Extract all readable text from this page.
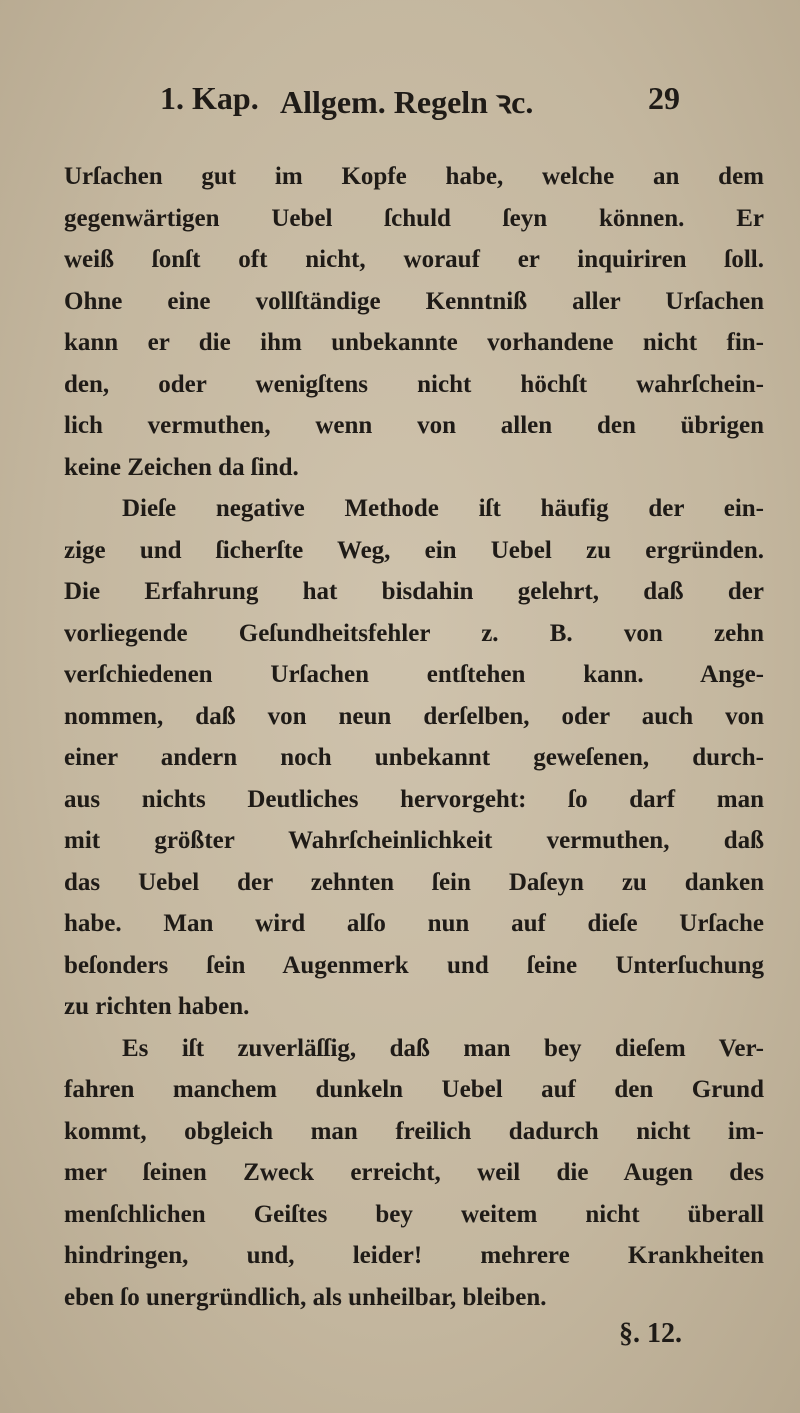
1. Kap. Allgem. Regeln ꝛc.	29
Urſachen gut im Kopfe habe, welche an dem
gegenwärtigen Uebel ſchuld ſeyn können. Er
weiß ſonſt oft nicht, worauf er inquiriren ſoll.
Ohne eine vollſtändige Kenntniß aller Urſachen
kann er die ihm unbekannte vorhandene nicht fin-
den, oder wenigſtens nicht höchſt wahrſchein-
lich vermuthen, wenn von allen den übrigen
keine Zeichen da ſind.
Dieſe negative Methode iſt häufig der ein-
zige und ſicherſte Weg, ein Uebel zu ergründen.
Die Erfahrung hat bisdahin gelehrt, daß der
vorliegende Geſundheitsfehler z. B. von zehn
verſchiedenen Urſachen entſtehen kann. Ange-
nommen, daß von neun derſelben, oder auch von
einer andern noch unbekannt geweſenen, durch-
aus nichts Deutliches hervorgeht: ſo darf man
mit größter Wahrſcheinlichkeit vermuthen, daß
das Uebel der zehnten ſein Daſeyn zu danken
habe. Man wird alſo nun auf dieſe Urſache
beſonders ſein Augenmerk und ſeine Unterſuchung
zu richten haben.
Es iſt zuverläſſig, daß man bey dieſem Ver-
fahren manchem dunkeln Uebel auf den Grund
kommt, obgleich man freilich dadurch nicht im-
mer ſeinen Zweck erreicht, weil die Augen des
menſchlichen Geiſtes bey weitem nicht überall
hindringen, und, leider! mehrere Krankheiten
eben ſo unergründlich, als unheilbar, bleiben.
§. 12.
